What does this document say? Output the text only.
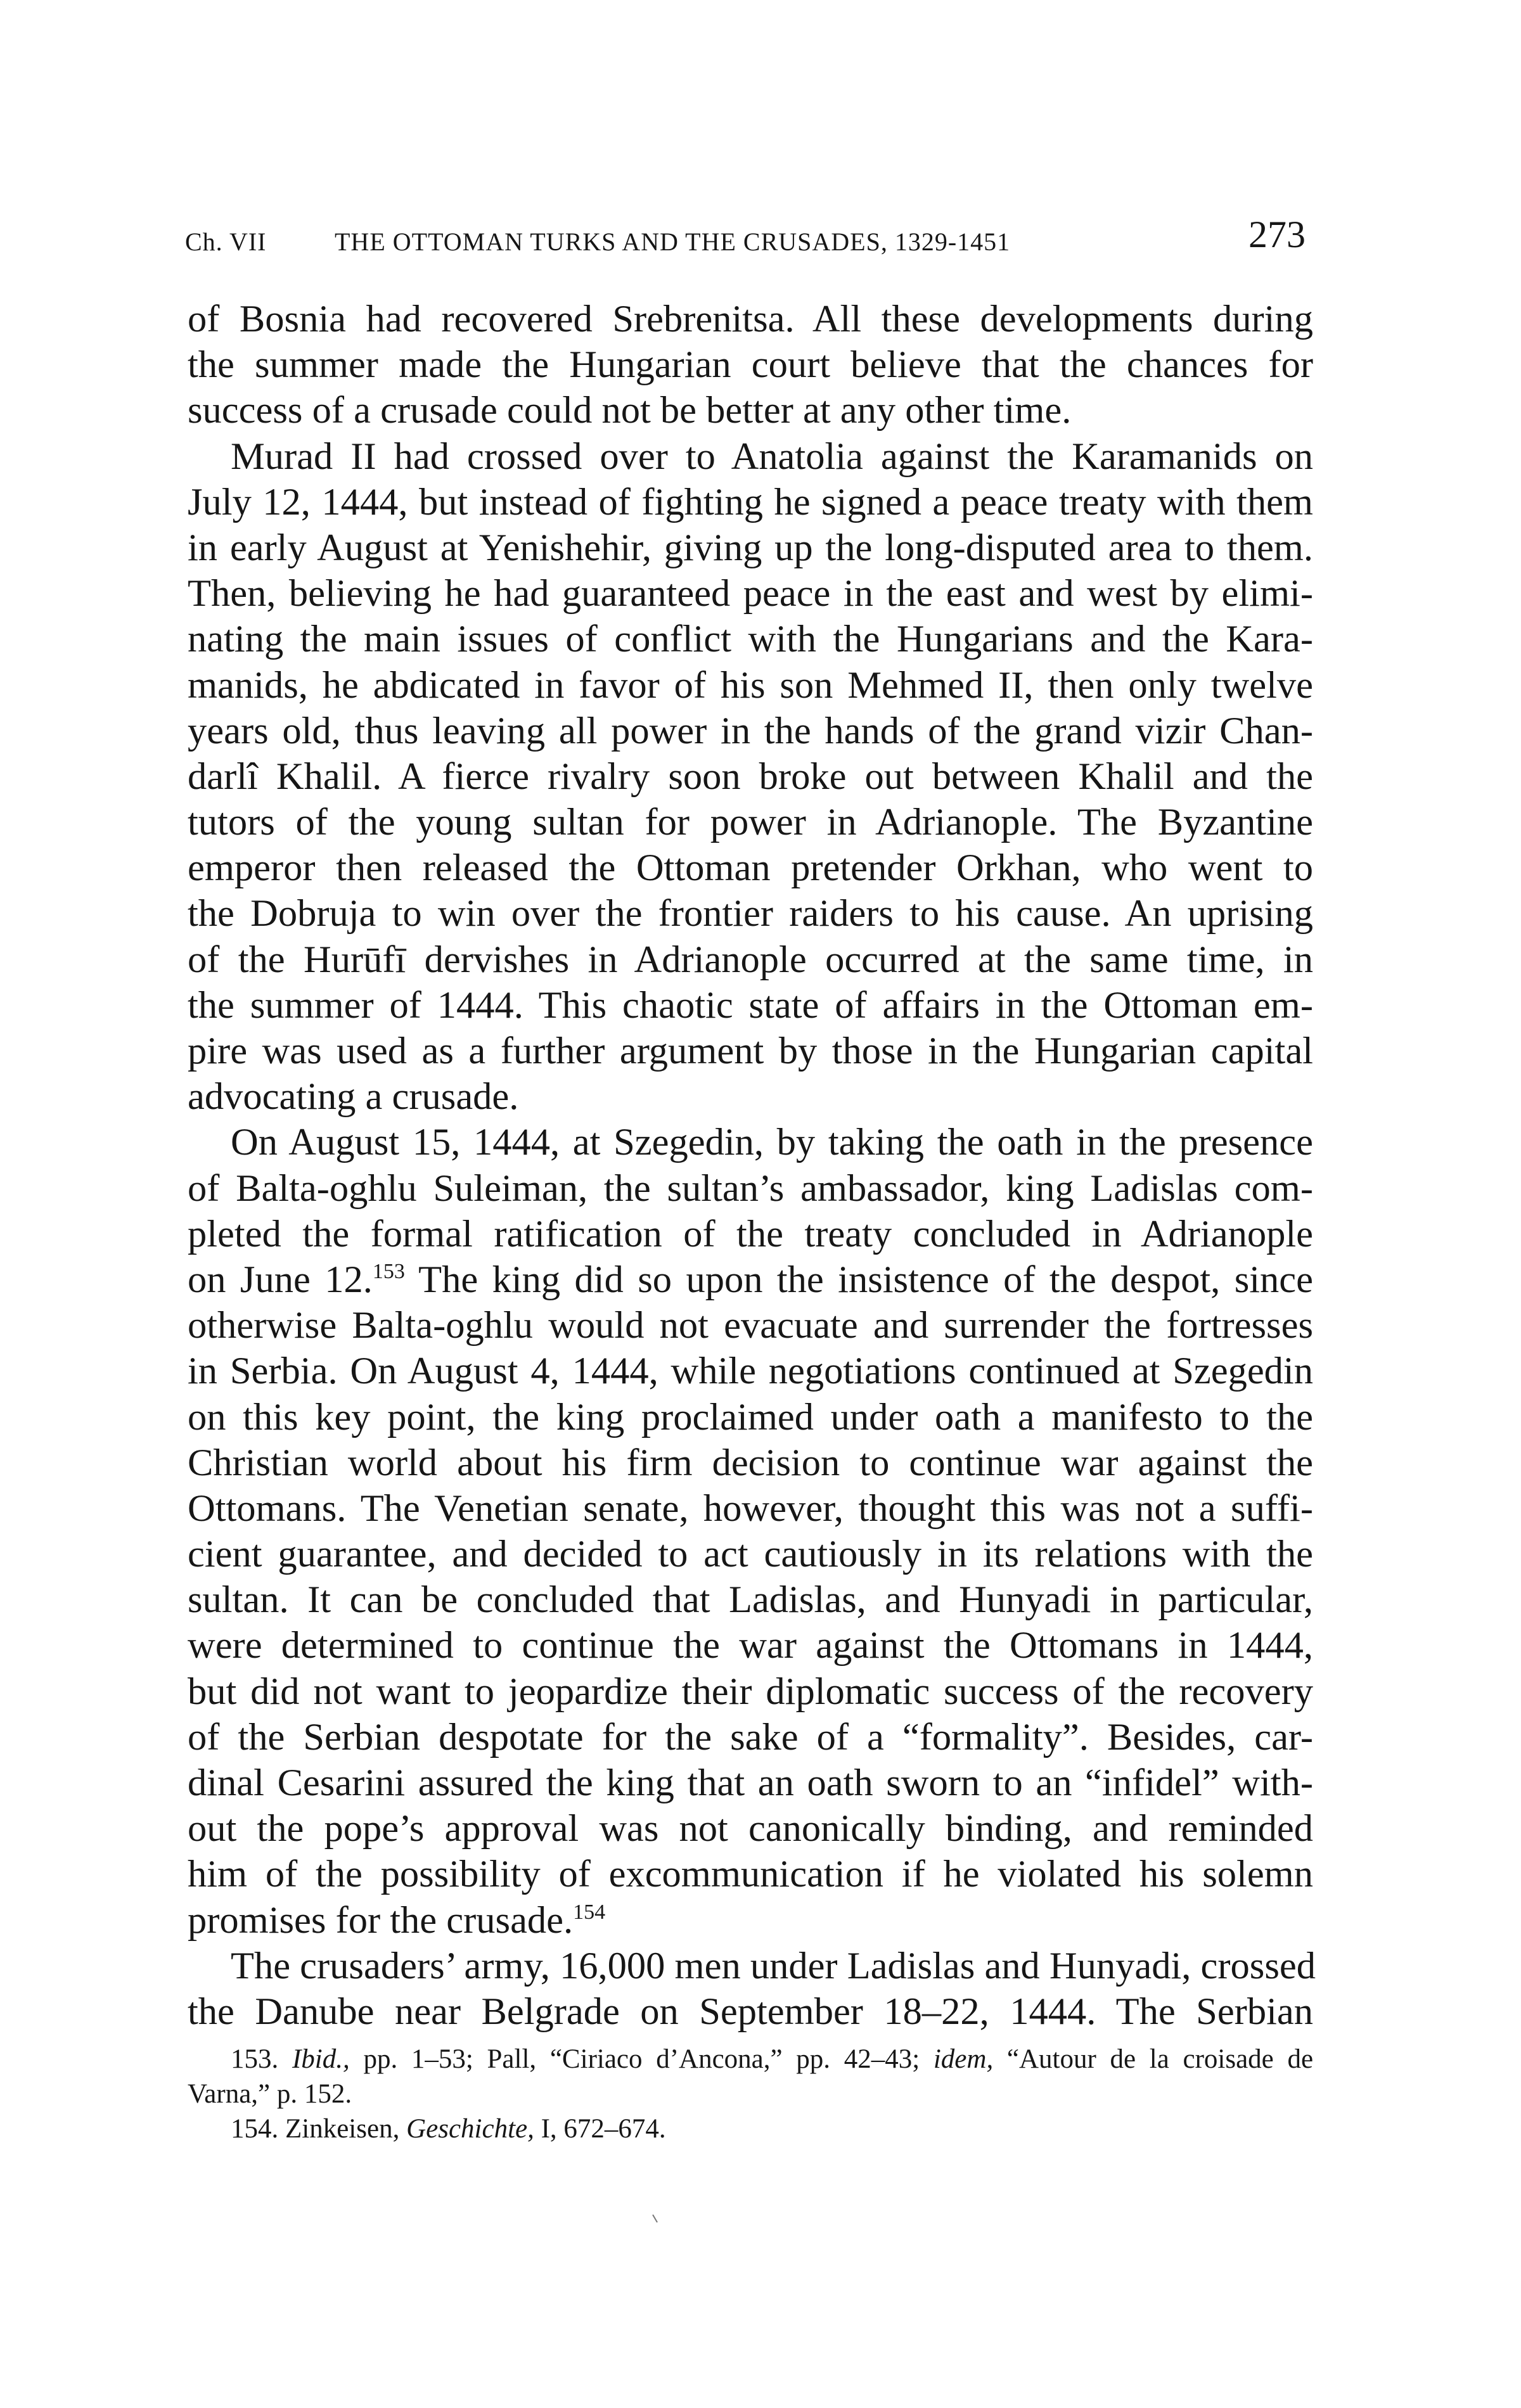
Ch. VII	THE OTTOMAN TURKS AND THE CRUSADES, 1329-1451	273
of Bosnia had recovered Srebrenitsa. All these developments during
the summer made the Hungarian court believe that the chances for
success of a crusade could not be better at any other time.
Murad II had crossed over to Anatolia against the Karamanids on
July 12, 1444, but instead of fighting he signed a peace treaty with them
in early August at Yenishehir, giving up the long-disputed area to them.
Then, believing he had guaranteed peace in the east and west by elimi-
nating the main issues of conflict with the Hungarians and the Kara-
manids, he abdicated in favor of his son Mehmed II, then only twelve
years old, thus leaving all power in the hands of the grand vizir Chan-
darlî Khalil. A fierce rivalry soon broke out between Khalil and the
tutors of the young sultan for power in Adrianople. The Byzantine
emperor then released the Ottoman pretender Orkhan, who went to
the Dobruja to win over the frontier raiders to his cause. An uprising
of the Hurūfī dervishes in Adrianople occurred at the same time, in
the summer of 1444. This chaotic state of affairs in the Ottoman em-
pire was used as a further argument by those in the Hungarian capital
advocating a crusade.
On August 15, 1444, at Szegedin, by taking the oath in the presence
of Balta-oghlu Suleiman, the sultan’s ambassador, king Ladislas com-
pleted the formal ratification of the treaty concluded in Adrianople
on June 12.$^{153}$ The king did so upon the insistence of the despot, since
otherwise Balta-oghlu would not evacuate and surrender the fortresses
in Serbia. On August 4, 1444, while negotiations continued at Szegedin
on this key point, the king proclaimed under oath a manifesto to the
Christian world about his firm decision to continue war against the
Ottomans. The Venetian senate, however, thought this was not a suffi-
cient guarantee, and decided to act cautiously in its relations with the
sultan. It can be concluded that Ladislas, and Hunyadi in particular,
were determined to continue the war against the Ottomans in 1444,
but did not want to jeopardize their diplomatic success of the recovery
of the Serbian despotate for the sake of a “formality”. Besides, car-
dinal Cesarini assured the king that an oath sworn to an “infidel” with-
out the pope’s approval was not canonically binding, and reminded
him of the possibility of excommunication if he violated his solemn
promises for the crusade.$^{154}$
The crusaders’ army, 16,000 men under Ladislas and Hunyadi, crossed
the Danube near Belgrade on September 18–22, 1444. The Serbian
153. Ibid., pp. 1–53; Pall, “Ciriaco d’Ancona,” pp. 42–43; idem, “Autour de la croisade de
Varna,” p. 152.
154. Zinkeisen, Geschichte, I, 672–674.
